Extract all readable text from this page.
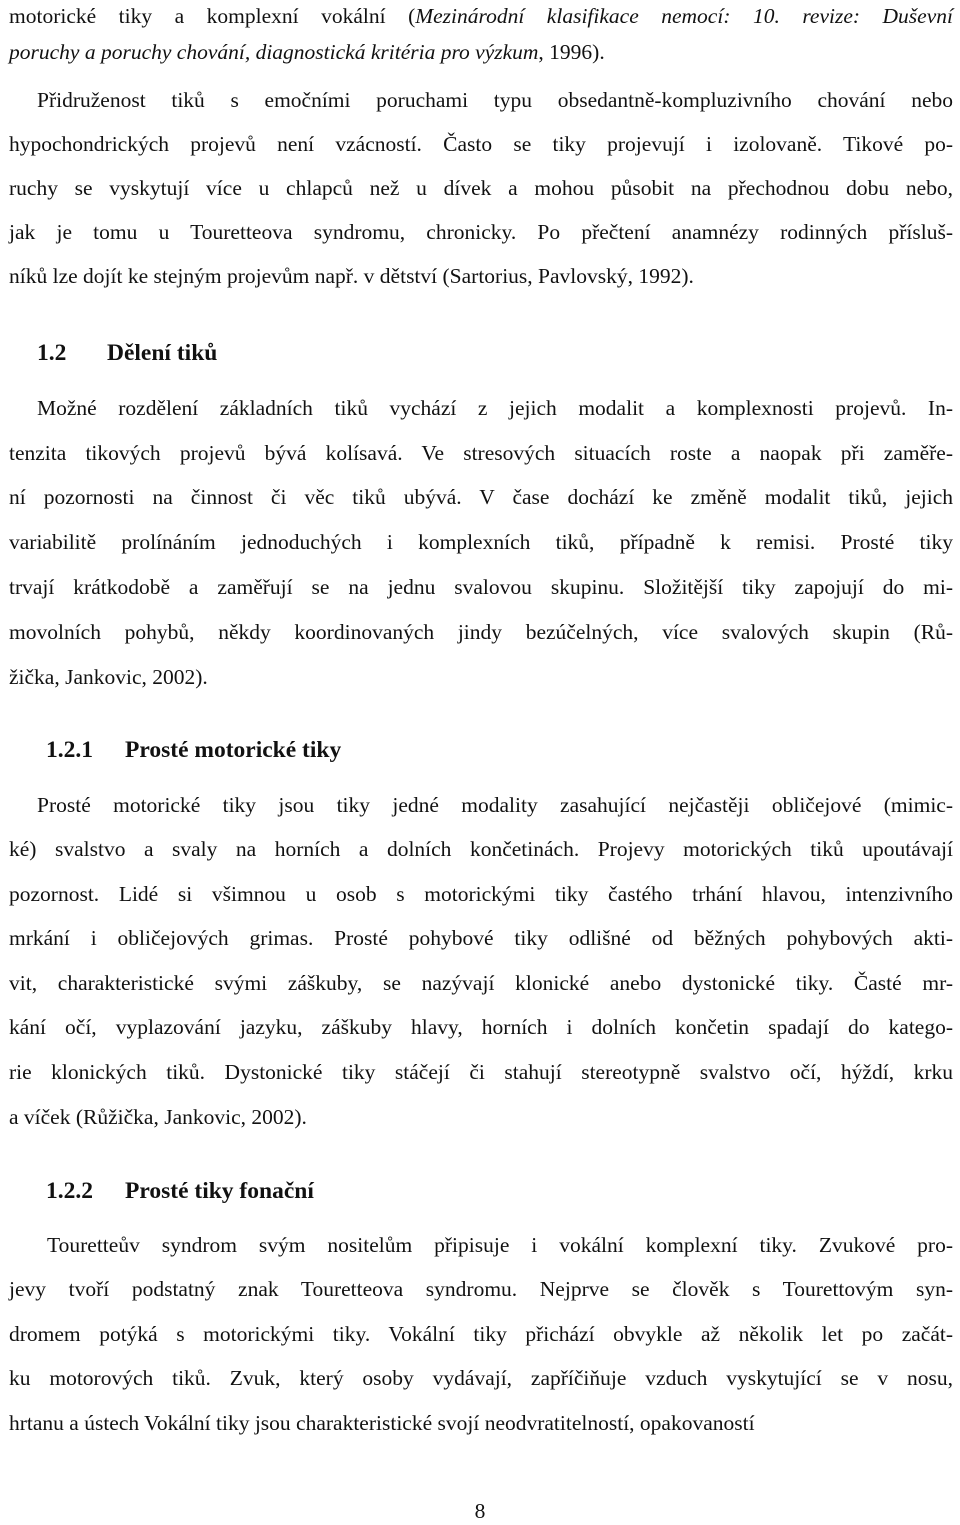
motorické tiky a komplexní vokální (Mezinárodní klasifikace nemocí: 10. revize: Duševní
poruchy a poruchy chování, diagnostická kritéria pro výzkum, 1996).
Přidruženost tiků s emočními poruchami typu obsedantně-kompluzivního chování nebo
hypochondrických projevů není vzácností. Často se tiky projevují i izolovaně. Tikové po-
ruchy se vyskytují více u chlapců než u dívek a mohou působit na přechodnou dobu nebo,
jak je tomu u Touretteova syndromu, chronicky. Po přečtení anamnézy rodinných přísluš-
níků lze dojít ke stejným projevům např. v dětství (Sartorius, Pavlovský, 1992).
1.2 Dělení tiků
Možné rozdělení základních tiků vychází z jejich modalit a komplexnosti projevů. In-
tenzita tikových projevů bývá kolísavá. Ve stresových situacích roste a naopak při zaměře-
ní pozornosti na činnost či věc tiků ubývá. V čase dochází ke změně modalit tiků, jejich
variabilitě prolínáním jednoduchých i komplexních tiků, případně k remisi. Prosté tiky
trvají krátkodobě a zaměřují se na jednu svalovou skupinu. Složitější tiky zapojují do mi-
movolních pohybů, někdy koordinovaných jindy bezúčelných, více svalových skupin (Rů-
žička, Jankovic, 2002).
1.2.1 Prosté motorické tiky
Prosté motorické tiky jsou tiky jedné modality zasahující nejčastěji obličejové (mimic-
ké) svalstvo a svaly na horních a dolních končetinách. Projevy motorických tiků upoutávají
pozornost. Lidé si všimnou u osob s motorickými tiky častého trhání hlavou, intenzivního
mrkání i obličejových grimas. Prosté pohybové tiky odlišné od běžných pohybových akti-
vit, charakteristické svými záškuby, se nazývají klonické anebo dystonické tiky. Časté mr-
kání očí, vyplazování jazyku, záškuby hlavy, horních i dolních končetin spadají do katego-
rie klonických tiků. Dystonické tiky stáčejí či stahují stereotypně svalstvo očí, hýždí, krku
a víček (Růžička, Jankovic, 2002).
1.2.2 Prosté tiky fonační
Touretteův syndrom svým nositelům připisuje i vokální komplexní tiky. Zvukové pro-
jevy tvoří podstatný znak Touretteova syndromu. Nejprve se člověk s Tourettovým syn-
dromem potýká s motorickými tiky. Vokální tiky přichází obvykle až několik let po začát-
ku motorových tiků. Zvuk, který osoby vydávají, zapříčiňuje vzduch vyskytující se v nosu,
hrtanu a ústech Vokální tiky jsou charakteristické svojí neodvratitelností, opakovaností
8
